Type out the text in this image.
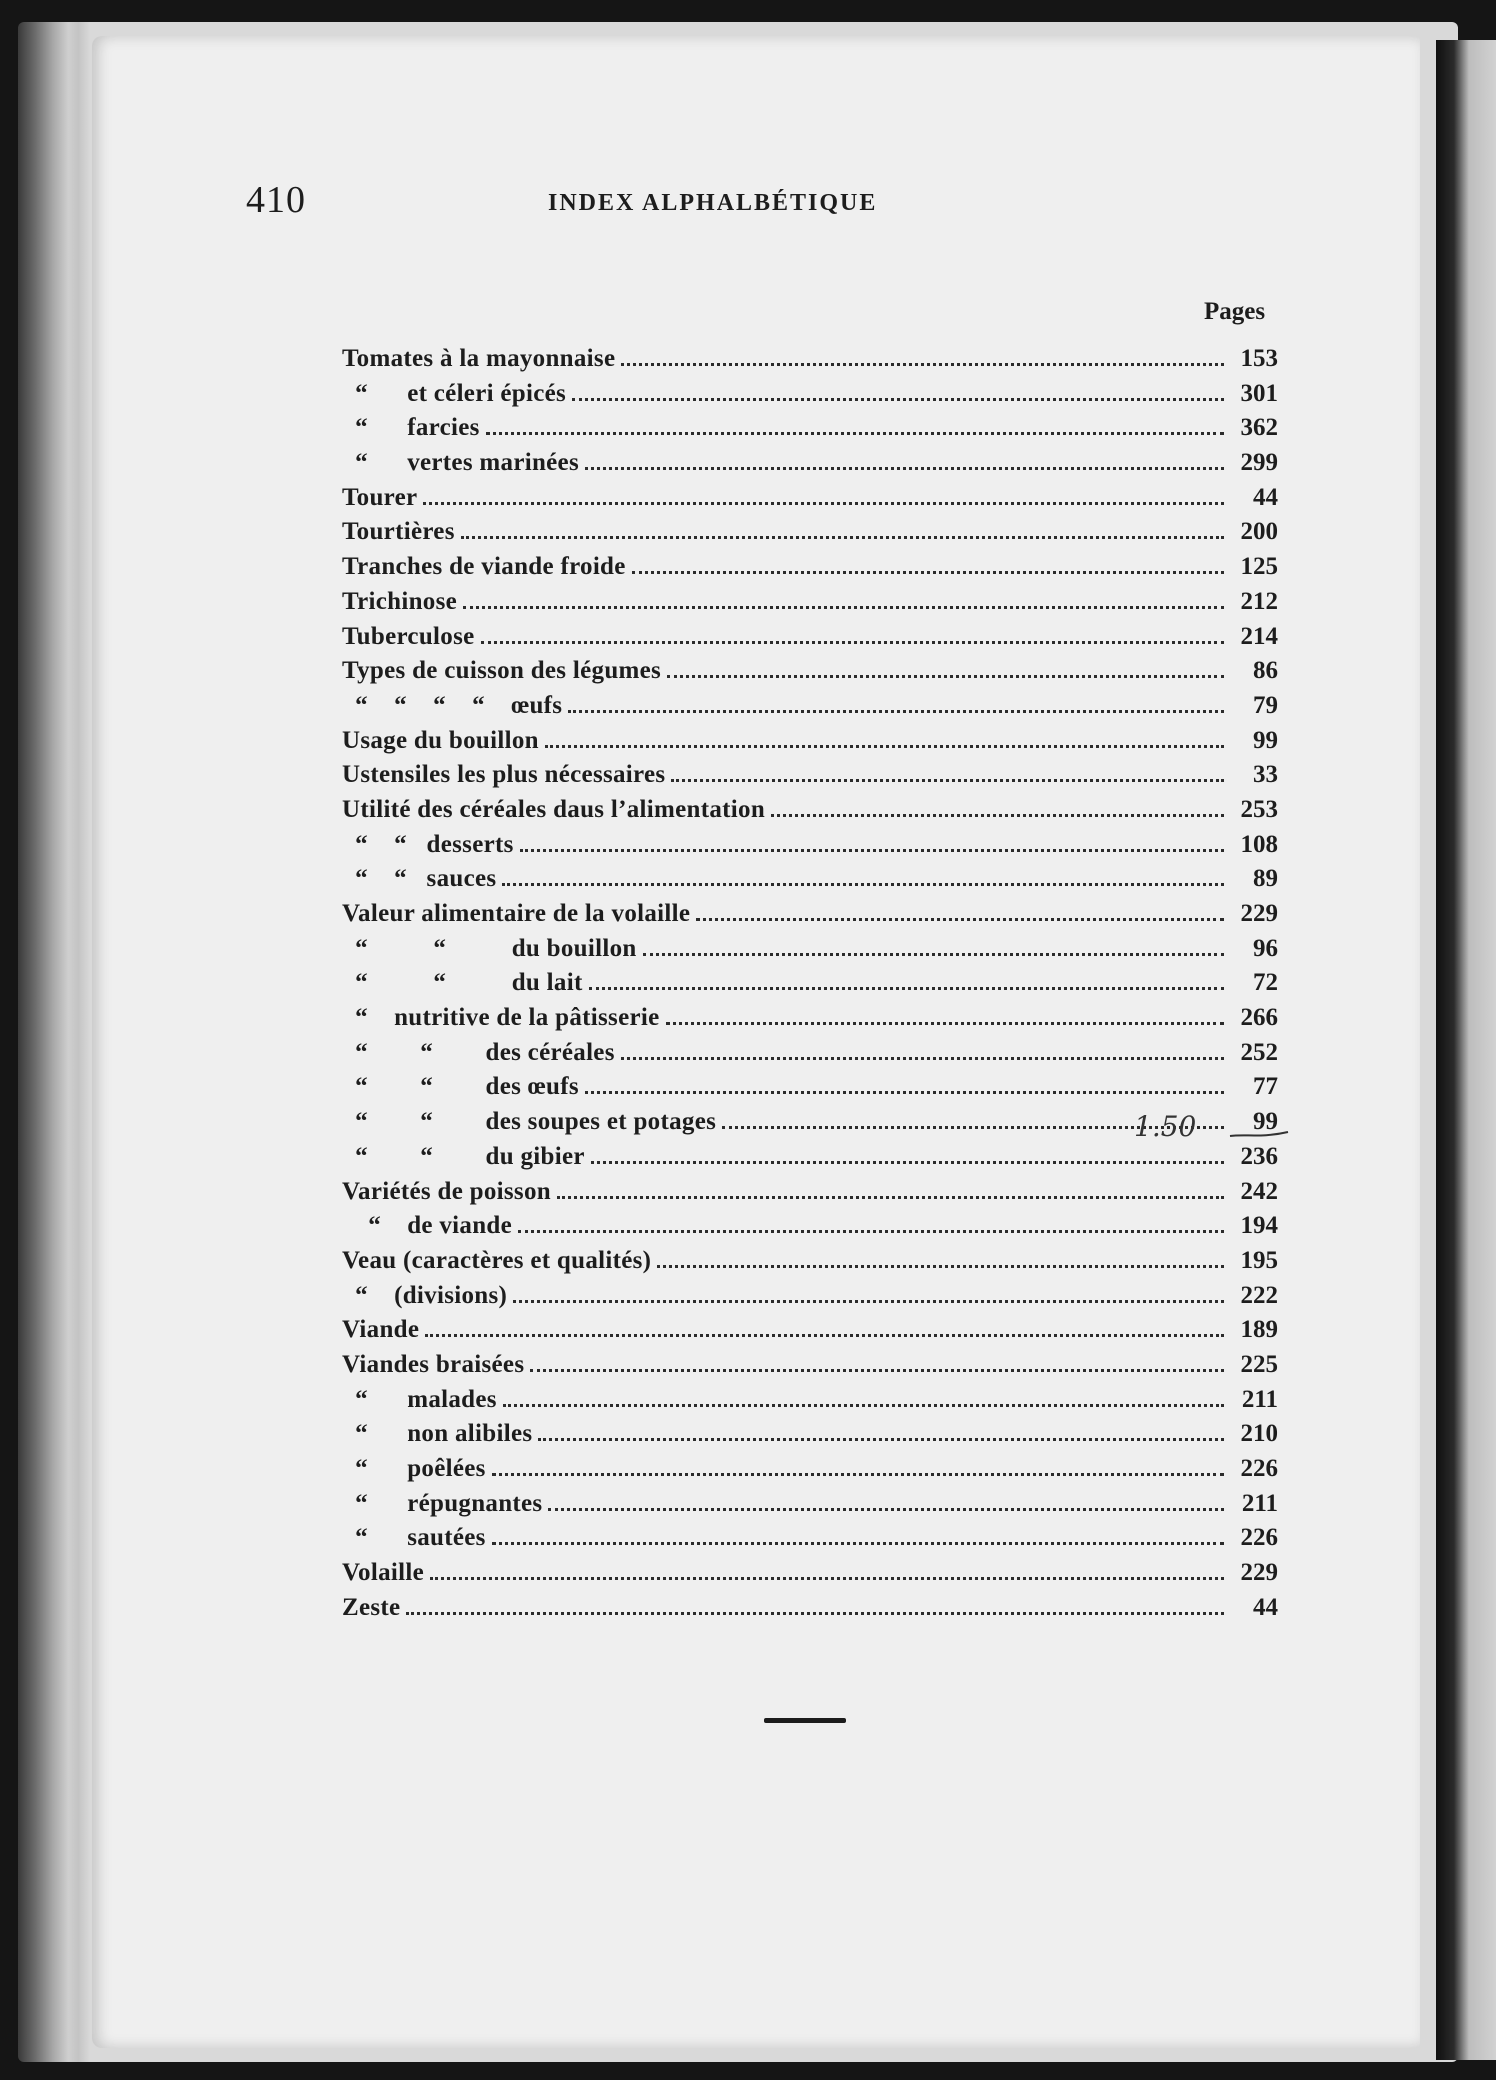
410	INDEX ALPHALBÉTIQUE
Pages
Tomates à la mayonnaise	153
“      et céleri épicés	301
“      farcies	362
“      vertes marinées	299
Tourer	44
Tourtières	200
Tranches de viande froide	125
Trichinose	212
Tuberculose	214
Types de cuisson des légumes	86
“    “    “    “    œufs	79
Usage du bouillon	99
Ustensiles les plus nécessaires	33
Utilité des céréales daus l’alimentation	253
“    “   desserts	108
“    “   sauces	89
Valeur alimentaire de la volaille	229
“          “          du bouillon	96
“          “          du lait	72
“    nutritive de la pâtisserie	266
“        “        des céréales	252
“        “        des œufs	77
“        “        des soupes et potages	99
“        “        du gibier	236
Variétés de poisson	242
“    de viande	194
Veau (caractères et qualités)	195
“    (divisions)	222
Viande	189
Viandes braisées	225
“      malades	211
“      non alibiles	210
“      poêlées	226
“      répugnantes	211
“      sautées	226
Volaille	229
Zeste	44
1.50
